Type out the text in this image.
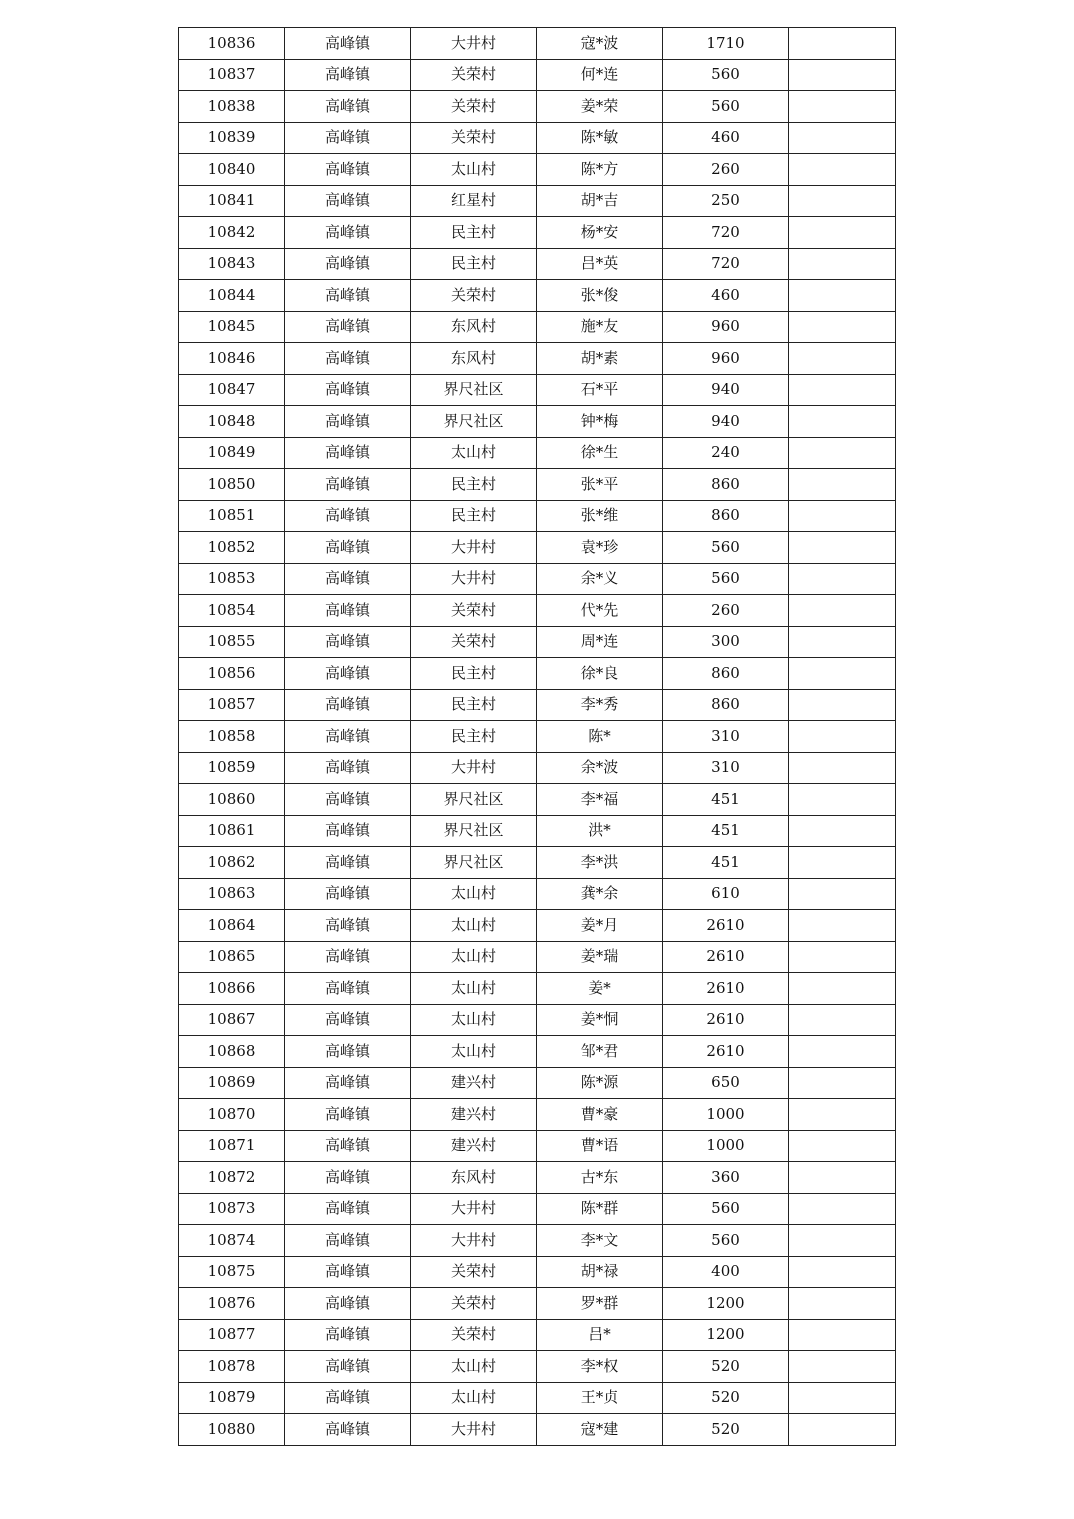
10836	高峰镇	大井村	寇*波	1710	
10837	高峰镇	关荣村	何*连	560	
10838	高峰镇	关荣村	姜*荣	560	
10839	高峰镇	关荣村	陈*敏	460	
10840	高峰镇	太山村	陈*方	260	
10841	高峰镇	红星村	胡*吉	250	
10842	高峰镇	民主村	杨*安	720	
10843	高峰镇	民主村	吕*英	720	
10844	高峰镇	关荣村	张*俊	460	
10845	高峰镇	东风村	施*友	960	
10846	高峰镇	东风村	胡*素	960	
10847	高峰镇	界尺社区	石*平	940	
10848	高峰镇	界尺社区	钟*梅	940	
10849	高峰镇	太山村	徐*生	240	
10850	高峰镇	民主村	张*平	860	
10851	高峰镇	民主村	张*维	860	
10852	高峰镇	大井村	袁*珍	560	
10853	高峰镇	大井村	余*义	560	
10854	高峰镇	关荣村	代*先	260	
10855	高峰镇	关荣村	周*连	300	
10856	高峰镇	民主村	徐*良	860	
10857	高峰镇	民主村	李*秀	860	
10858	高峰镇	民主村	陈*	310	
10859	高峰镇	大井村	余*波	310	
10860	高峰镇	界尺社区	李*福	451	
10861	高峰镇	界尺社区	洪*	451	
10862	高峰镇	界尺社区	李*洪	451	
10863	高峰镇	太山村	龚*余	610	
10864	高峰镇	太山村	姜*月	2610	
10865	高峰镇	太山村	姜*瑞	2610	
10866	高峰镇	太山村	姜*	2610	
10867	高峰镇	太山村	姜*恫	2610	
10868	高峰镇	太山村	邹*君	2610	
10869	高峰镇	建兴村	陈*源	650	
10870	高峰镇	建兴村	曹*豪	1000	
10871	高峰镇	建兴村	曹*语	1000	
10872	高峰镇	东风村	古*东	360	
10873	高峰镇	大井村	陈*群	560	
10874	高峰镇	大井村	李*文	560	
10875	高峰镇	关荣村	胡*禄	400	
10876	高峰镇	关荣村	罗*群	1200	
10877	高峰镇	关荣村	吕*	1200	
10878	高峰镇	太山村	李*权	520	
10879	高峰镇	太山村	王*贞	520	
10880	高峰镇	大井村	寇*建	520	
